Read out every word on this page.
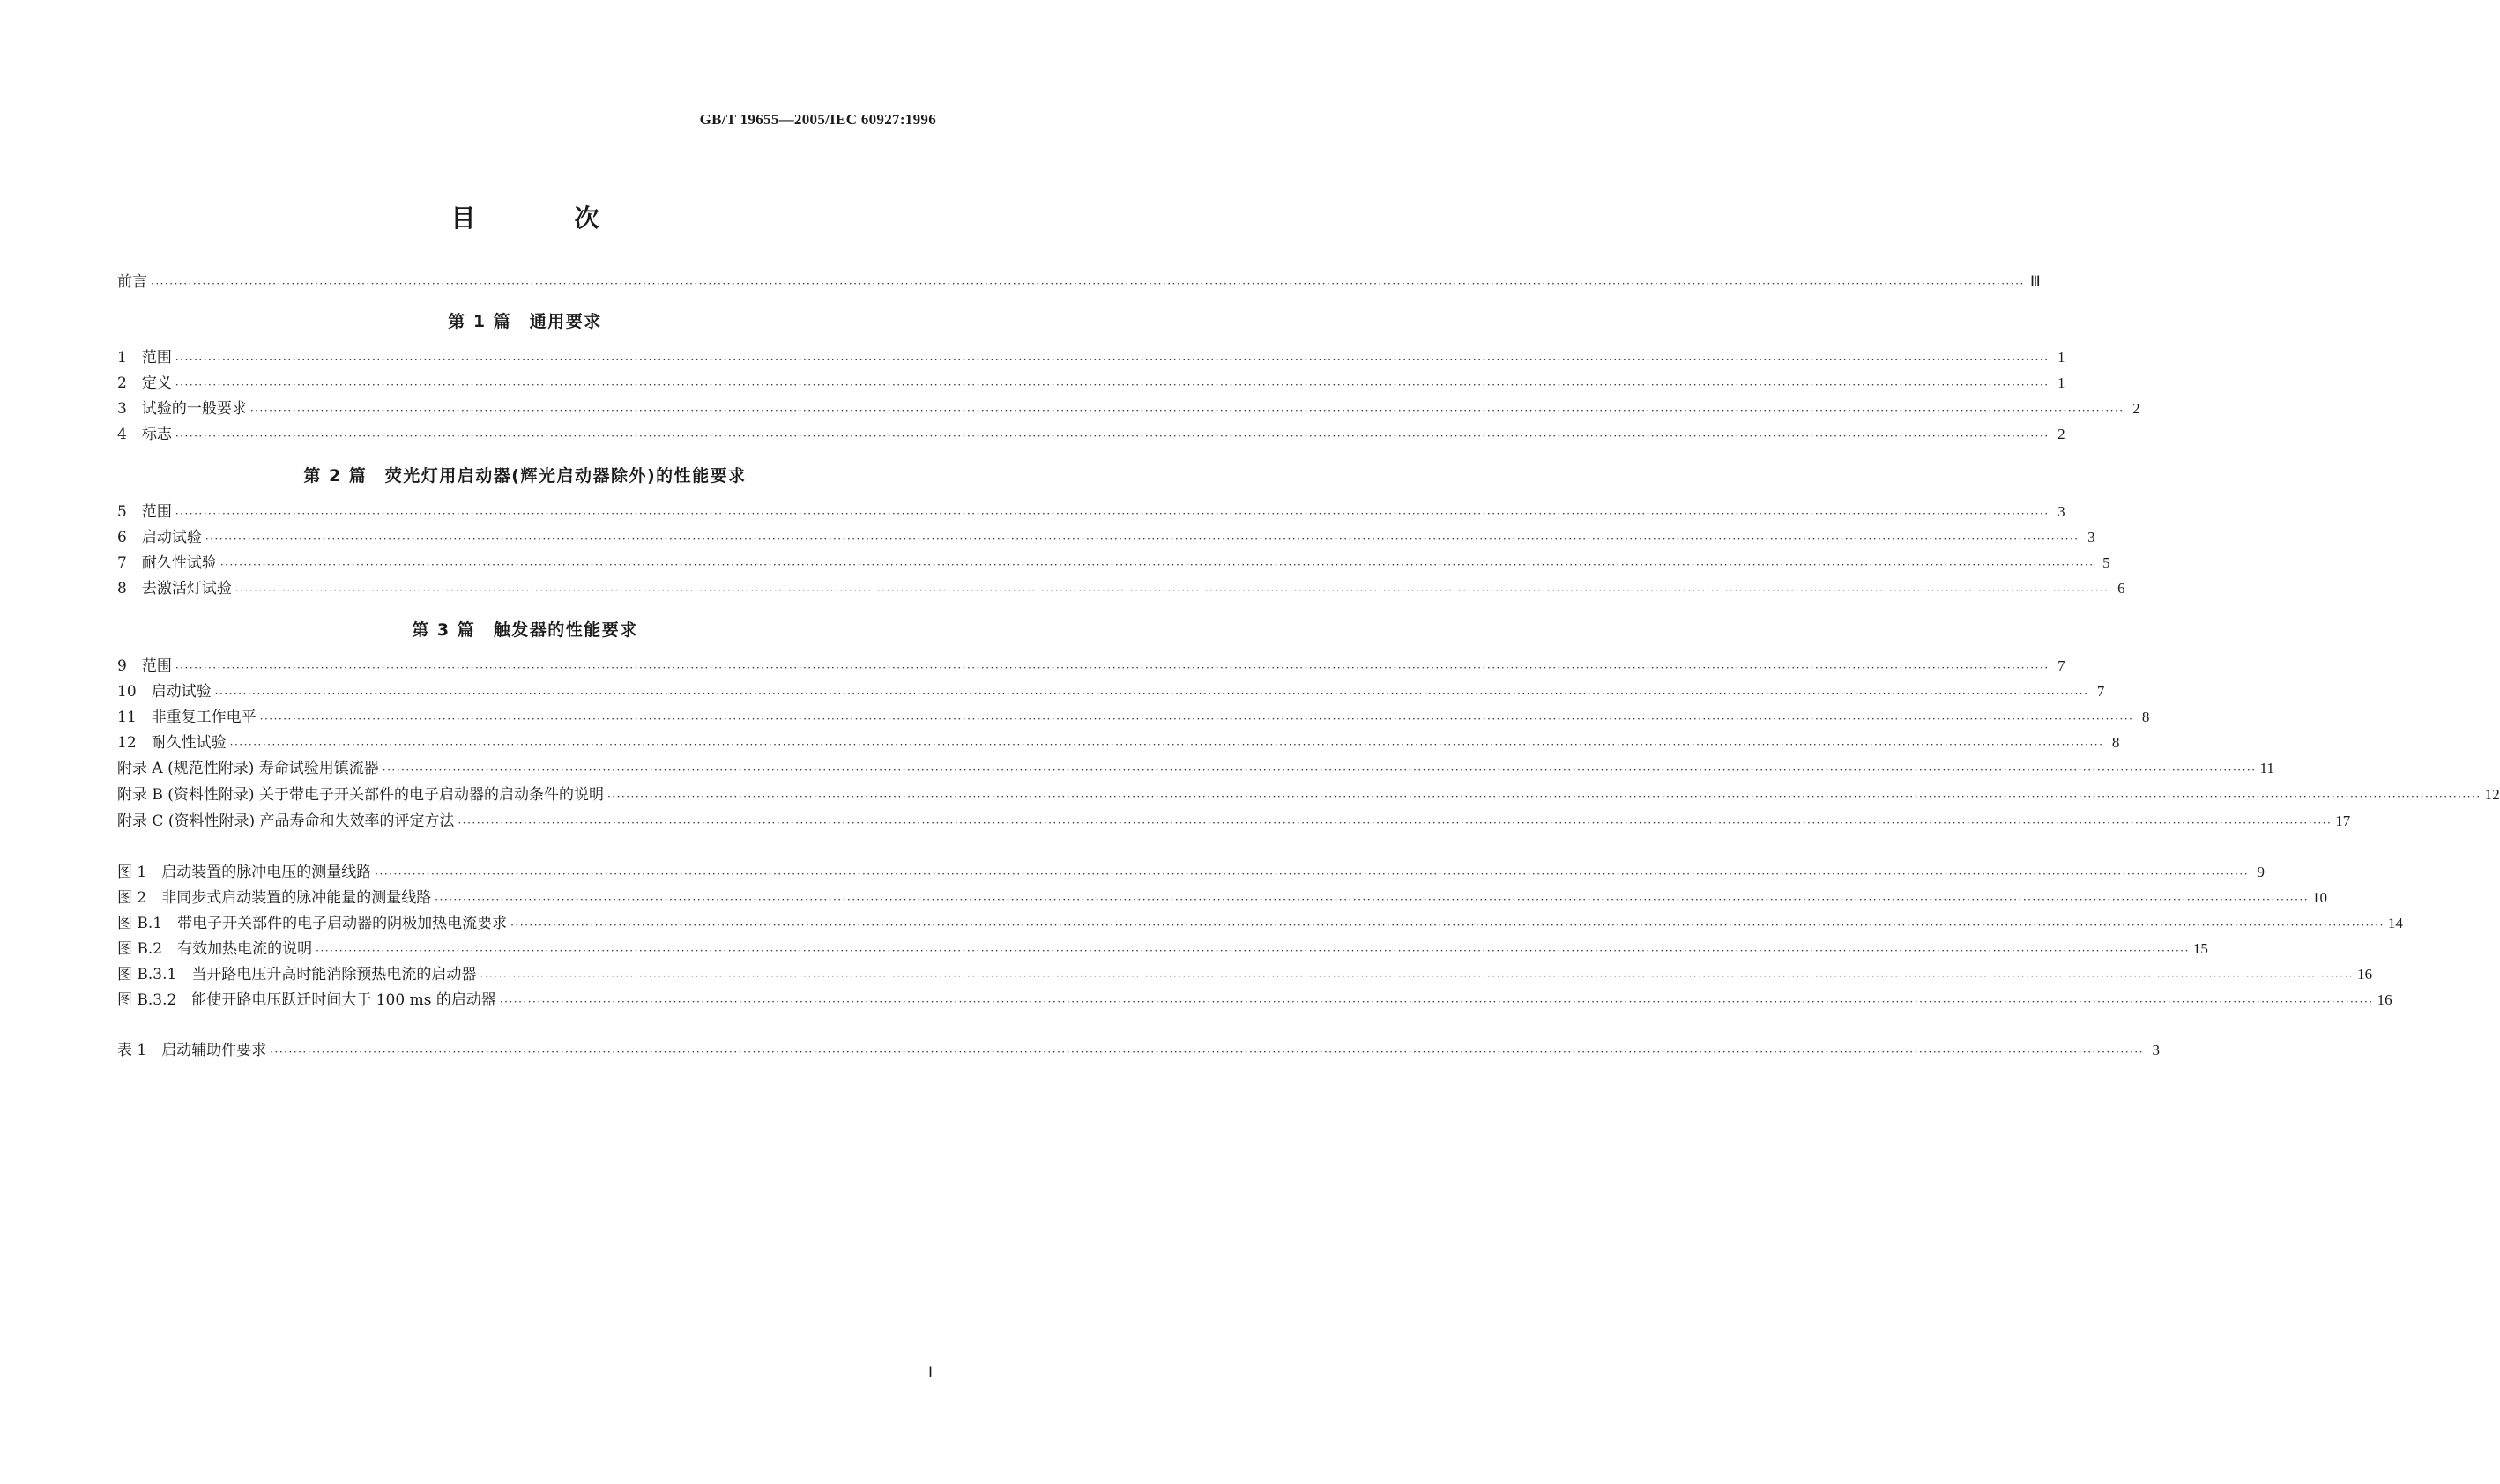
GB/T 19655—2005/IEC 60927:1996
目　次
前言 ················································································································································································································································································································································································································ Ⅲ
第 1 篇　通用要求
1　范围 ················································································································································································································································································································································································································ 1
2　定义 ················································································································································································································································································································································································································ 1
3　试验的一般要求 ················································································································································································································································································································································································································ 2
4　标志 ················································································································································································································································································································································································································ 2
第 2 篇　荧光灯用启动器(辉光启动器除外)的性能要求
5　范围 ················································································································································································································································································································································································································ 3
6　启动试验 ················································································································································································································································································································································································································ 3
7　耐久性试验 ················································································································································································································································································································································································································ 5
8　去激活灯试验 ················································································································································································································································································································································································································ 6
第 3 篇　触发器的性能要求
9　范围 ················································································································································································································································································································································································································ 7
10　启动试验 ················································································································································································································································································································································································································ 7
11　非重复工作电平 ················································································································································································································································································································································································································ 8
12　耐久性试验 ················································································································································································································································································································································································································ 8
附录 A (规范性附录) 寿命试验用镇流器 ················································································································································································································································································································································································································ 11
附录 B (资料性附录) 关于带电子开关部件的电子启动器的启动条件的说明 ················································································································································································································································································································································································································ 12
附录 C (资料性附录) 产品寿命和失效率的评定方法 ················································································································································································································································································································································································································ 17
图 1　启动装置的脉冲电压的测量线路 ················································································································································································································································································································································································································ 9
图 2　非同步式启动装置的脉冲能量的测量线路 ················································································································································································································································································································································································································ 10
图 B.1　带电子开关部件的电子启动器的阴极加热电流要求 ················································································································································································································································································································································································································ 14
图 B.2　有效加热电流的说明 ················································································································································································································································································································································································································ 15
图 B.3.1　当开路电压升高时能消除预热电流的启动器 ················································································································································································································································································································································································································ 16
图 B.3.2　能使开路电压跃迁时间大于 100 ms 的启动器 ················································································································································································································································································································································································································ 16
表 1　启动辅助件要求 ················································································································································································································································································································································································································ 3
Ⅰ
